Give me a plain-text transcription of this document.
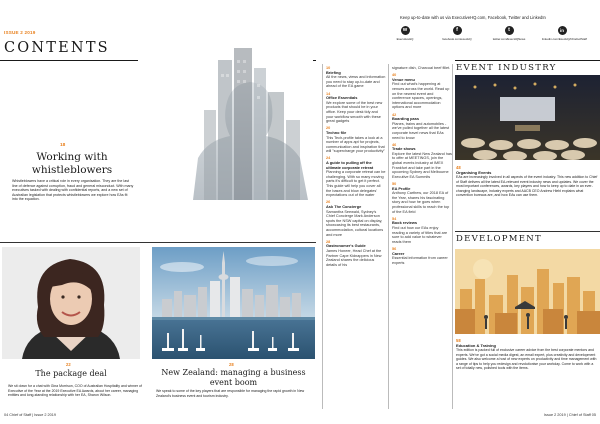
ISSUE 2 2019
CONTENTS
Keep up-to-date with us via ExecutiveHQ.com, Facebook, Twitter and LinkedIn
w
ExecutiveHQ
f
facebook.com/execHQ
t
twitter.com/ExecHQNews
in
linkedin.com/ExecHQ/ChiefsofStaff
18
Working with whistleblowers
Whistleblowers have a critical role in every organisation. They are the last line of defence against corruption, fraud and general misconduct. With many executives tasked with dealing with confidential reports, and a new set of Australian legislation that protects whistleblowers we explore how EAs fit into the equation.
22
The package deal
We sit down for a chat with Gina Morrison, COO of Australian Hospitality and winner of Executive of the Year at the 2019 Executive EA Awards, about her career, managing entities and long-standing relationship with her EA, Sharon Wilson.
28
New Zealand: managing a business event boom
We speak to some of the key players that are responsible for managing the rapid growth in New Zealand's business event and tourism industry.
10
Briefing
All the news, views and information you need to stay up-to-date and ahead of the EA game
14
Office Essentials
We explore some of the best new products that should be in your office. Keep your desk tidy and your workflow smooth with these great gadgets
20
Techno file
This Tech-profile takes a look at a number of apps apt for projects, communication and inspiration that will "supercharge your productivity"
24
A guide to pulling off the ultimate corporate retreat
Planning a corporate retreat can be challenging. With so many moving parts it's difficult to get it perfect. This guide will help you cover all the bases and blow delegates' expectations out of the water
26
Ask The Concierge
Samantha Seewald, Sydney's Chief Concierge Mark Anderson spots the NSW capital on display, showcasing its best restaurants, accommodation, cultural locations and more
28
Gastronomer's Guide
James Honeer, Head Chef at the Partner Cape Kidnappers in New Zealand shares the delicious details of his
signature dish, Charcoal beef fillet.
40
Venue menu
Find out what's happening at venues across the world. Read up on the newest event and conference spaces, openings, international accommodation options and more
42
Boarding pass
Planes, trains and automobiles - we've pulled together all the latest corporate travel news that EAs need to know
46
Trade shows
Explore the latest New Zealand has to offer at MEETINGS, join the global events industry at IMEX Frankfurt and take part in the upcoming Sydney and Melbourne Executive EA Summits
50
EA Profile
Anthony Carthew, our 2018 EA of the Year, shares his fascinating story and how he goes when professional skills to reach the top of the EA field
54
Book reviews
Find out how our EAs enjoy reading a variety of titles that are sure to add value to whatever reads them
56
Career
Essential information from career experts
EVENT INDUSTRY
48
Organising Events
EAs are increasingly involved in all aspects of the event industry. This new addition to Chief of Staff delivers all the latest EA-relevant event industry news and updates. We cover the most important conferences, awards, key players and how to keep up to date in an ever-changing landscape, industry experts and AACB CEO Andrew Hiebl explains what convention bureaus are, and how EAs can use them.
DEVELOPMENT
58
Education & Training
This edition is packed full of exclusive career advice from the best corporate mentors and experts. We've got a social media digest, an email expert, plus creativity and development guides. We also welcome a host of new experts on productivity and time management with a range of tips to help you redesign and revolutionise your workday. Come to work with a set of totally new, polished tools with the items.
04 Chief of Staff | Issue 2 2019	Issue 2 2019 | Chief of Staff 05
